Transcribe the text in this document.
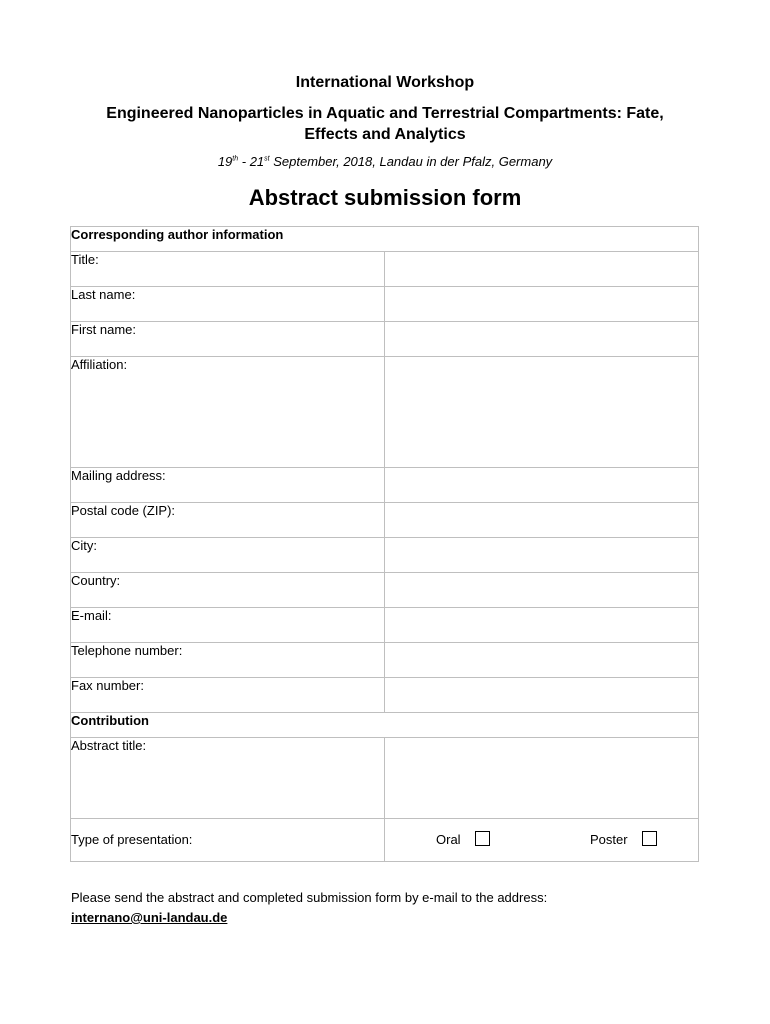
International Workshop
Engineered Nanoparticles in Aquatic and Terrestrial Compartments: Fate,
Effects and Analytics
19th - 21st September, 2018, Landau in der Pfalz, Germany
Abstract submission form
Corresponding author information	
Title:	
Last name:	
First name:	
Affiliation:	
Mailing address:	
Postal code (ZIP):	
City:	
Country:	
E-mail:	
Telephone number:	
Fax number:	
Contribution	
Abstract title:	
Type of presentation:	Oral Poster
Please send the abstract and completed submission form by e-mail to the address:
internano@uni-landau.de
